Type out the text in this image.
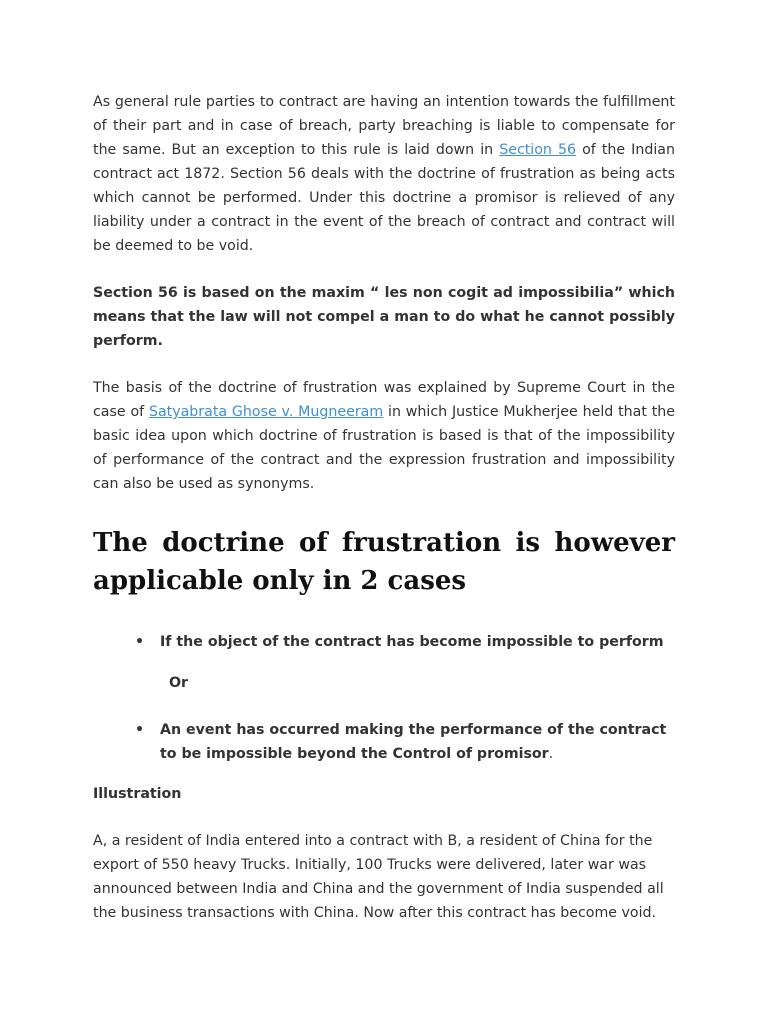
As general rule parties to contract are having an intention towards the fulfillment of their part and in case of breach, party breaching is liable to compensate for the same. But an exception to this rule is laid down in Section 56 of the Indian contract act 1872. Section 56 deals with the doctrine of frustration as being acts which cannot be performed. Under this doctrine a promisor is relieved of any liability under a contract in the event of the breach of contract and contract will be deemed to be void.

Section 56 is based on the maxim “ les non cogit ad impossibilia” which means that the law will not compel a man to do what he cannot possibly perform.

The basis of the doctrine of frustration was explained by Supreme Court in the case of Satyabrata Ghose v. Mugneeram in which Justice Mukherjee held that the basic idea upon which doctrine of frustration is based is that of the impossibility of performance of the contract and the expression frustration and impossibility can also be used as synonyms.

The doctrine of frustration is however applicable only in 2 cases
• If the object of the contract has become impossible to perform
Or
• An event has occurred making the performance of the contract to be impossible beyond the Control of promisor.
Illustration

A, a resident of India entered into a contract with B, a resident of China for the export of 550 heavy Trucks. Initially, 100 Trucks were delivered, later war was announced between India and China and the government of India suspended all the business transactions with China. Now after this contract has become void.
